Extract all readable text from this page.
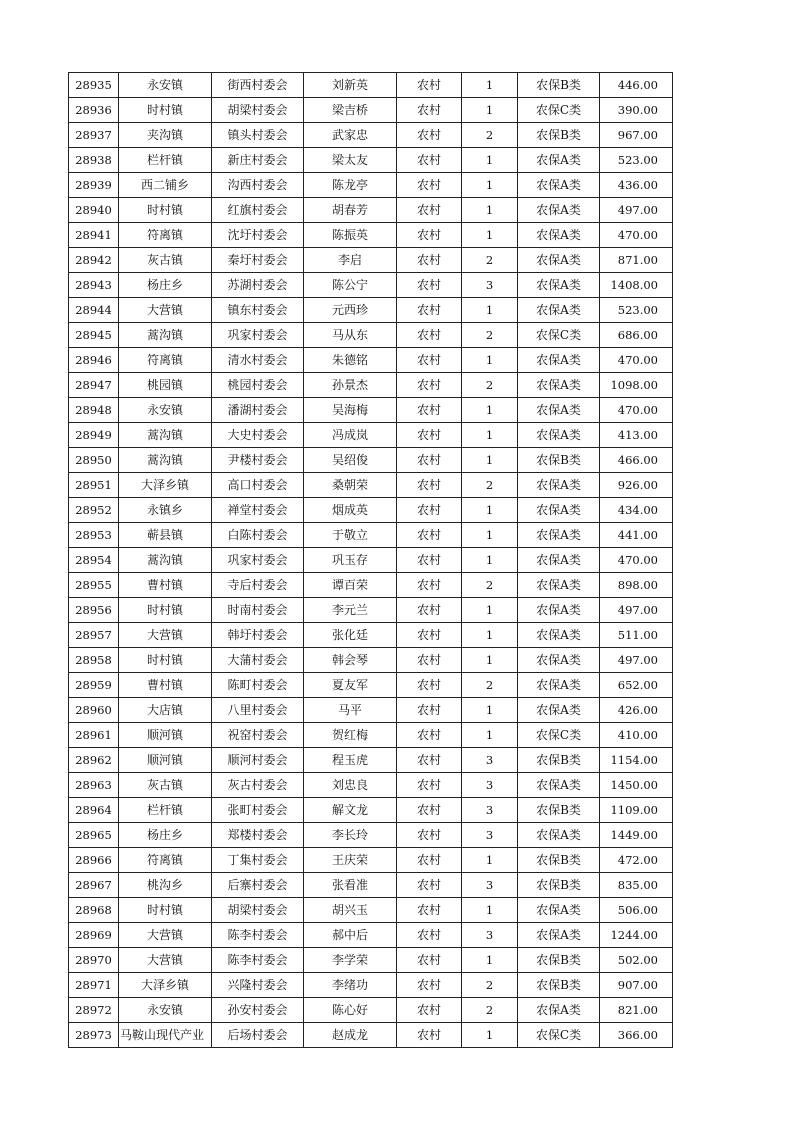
28935	永安镇	街西村委会	刘新英	农村	1	农保B类	446.00
28936	时村镇	胡梁村委会	梁吉桥	农村	1	农保C类	390.00
28937	夹沟镇	镇头村委会	武家忠	农村	2	农保B类	967.00
28938	栏杆镇	新庄村委会	梁太友	农村	1	农保A类	523.00
28939	西二铺乡	沟西村委会	陈龙亭	农村	1	农保A类	436.00
28940	时村镇	红旗村委会	胡春芳	农村	1	农保A类	497.00
28941	符离镇	沈圩村委会	陈振英	农村	1	农保A类	470.00
28942	灰古镇	秦圩村委会	李启	农村	2	农保A类	871.00
28943	杨庄乡	苏湖村委会	陈公宁	农村	3	农保A类	1408.00
28944	大营镇	镇东村委会	元西珍	农村	1	农保A类	523.00
28945	蒿沟镇	巩家村委会	马从东	农村	2	农保C类	686.00
28946	符离镇	清水村委会	朱德铭	农村	1	农保A类	470.00
28947	桃园镇	桃园村委会	孙景杰	农村	2	农保A类	1098.00
28948	永安镇	潘湖村委会	吴海梅	农村	1	农保A类	470.00
28949	蒿沟镇	大史村委会	冯成岚	农村	1	农保A类	413.00
28950	蒿沟镇	尹楼村委会	吴绍俊	农村	1	农保B类	466.00
28951	大泽乡镇	高口村委会	桑朝荣	农村	2	农保A类	926.00
28952	永镇乡	禅堂村委会	烟成英	农村	1	农保A类	434.00
28953	蕲县镇	白陈村委会	于敬立	农村	1	农保A类	441.00
28954	蒿沟镇	巩家村委会	巩玉存	农村	1	农保A类	470.00
28955	曹村镇	寺后村委会	谭百荣	农村	2	农保A类	898.00
28956	时村镇	时南村委会	李元兰	农村	1	农保A类	497.00
28957	大营镇	韩圩村委会	张化廷	农村	1	农保A类	511.00
28958	时村镇	大蒲村委会	韩会琴	农村	1	农保A类	497.00
28959	曹村镇	陈町村委会	夏友军	农村	2	农保A类	652.00
28960	大店镇	八里村委会	马平	农村	1	农保A类	426.00
28961	顺河镇	祝窑村委会	贺红梅	农村	1	农保C类	410.00
28962	顺河镇	顺河村委会	程玉虎	农村	3	农保B类	1154.00
28963	灰古镇	灰古村委会	刘忠良	农村	3	农保A类	1450.00
28964	栏杆镇	张町村委会	解文龙	农村	3	农保B类	1109.00
28965	杨庄乡	郑楼村委会	李长玲	农村	3	农保A类	1449.00
28966	符离镇	丁集村委会	王庆荣	农村	1	农保B类	472.00
28967	桃沟乡	后寨村委会	张看准	农村	3	农保B类	835.00
28968	时村镇	胡梁村委会	胡兴玉	农村	1	农保A类	506.00
28969	大营镇	陈李村委会	郝中后	农村	3	农保A类	1244.00
28970	大营镇	陈李村委会	李学荣	农村	1	农保B类	502.00
28971	大泽乡镇	兴隆村委会	李绪功	农村	2	农保B类	907.00
28972	永安镇	孙安村委会	陈心好	农村	2	农保A类	821.00
28973	马鞍山现代产业	后场村委会	赵成龙	农村	1	农保C类	366.00
